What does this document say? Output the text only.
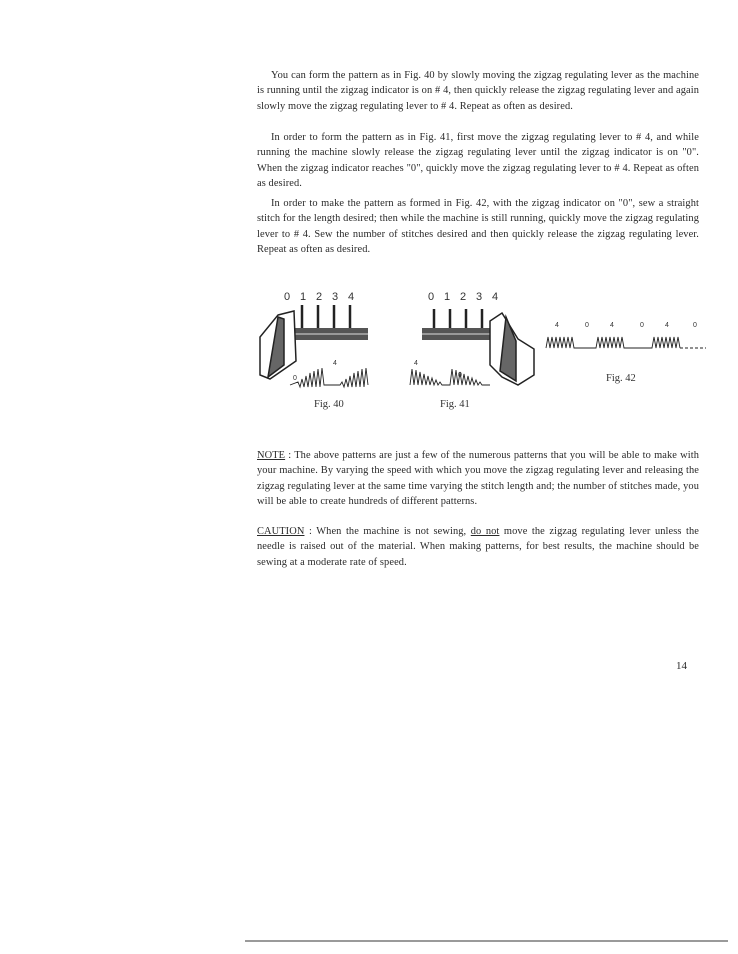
You can form the pattern as in Fig. 40 by slowly moving the zigzag regulating lever as the machine is running until the zigzag indicator is on # 4, then quickly release the zigzag regulating lever and again slowly move the zigzag regulating lever to # 4. Repeat as often as desired.

In order to form the pattern as in Fig. 41, first move the zigzag regulating lever to # 4, and while running the machine slowly release the zigzag regulating lever until the zigzag indicator is on "0". When the zigzag indicator reaches "0", quickly move the zigzag regulating lever to # 4. Repeat as often as desired.

In order to make the pattern as formed in Fig. 42, with the zigzag indicator on "0", sew a straight stitch for the length desired; then while the machine is still running, quickly move the zigzag regulating lever to # 4. Sew the number of stitches desired and then quickly release the zigzag regulating lever. Repeat as often as desired.

0 1 2 3 4
4
0
Fig. 40
0 1 2 3 4
4
0
Fig. 41
4	0	4	0	4	0
Fig. 42

NOTE : The above patterns are just a few of the numerous patterns that you will be able to make with your machine. By varying the speed with which you move the zigzag regulating lever and releasing the zigzag regulating lever at the same time varying the stitch length and; the number of stitches made, you will be able to create hundreds of different patterns.

CAUTION : When the machine is not sewing, do not move the zigzag regulating lever unless the needle is raised out of the material. When making patterns, for best results, the machine should be sewing at a moderate rate of speed.

14
